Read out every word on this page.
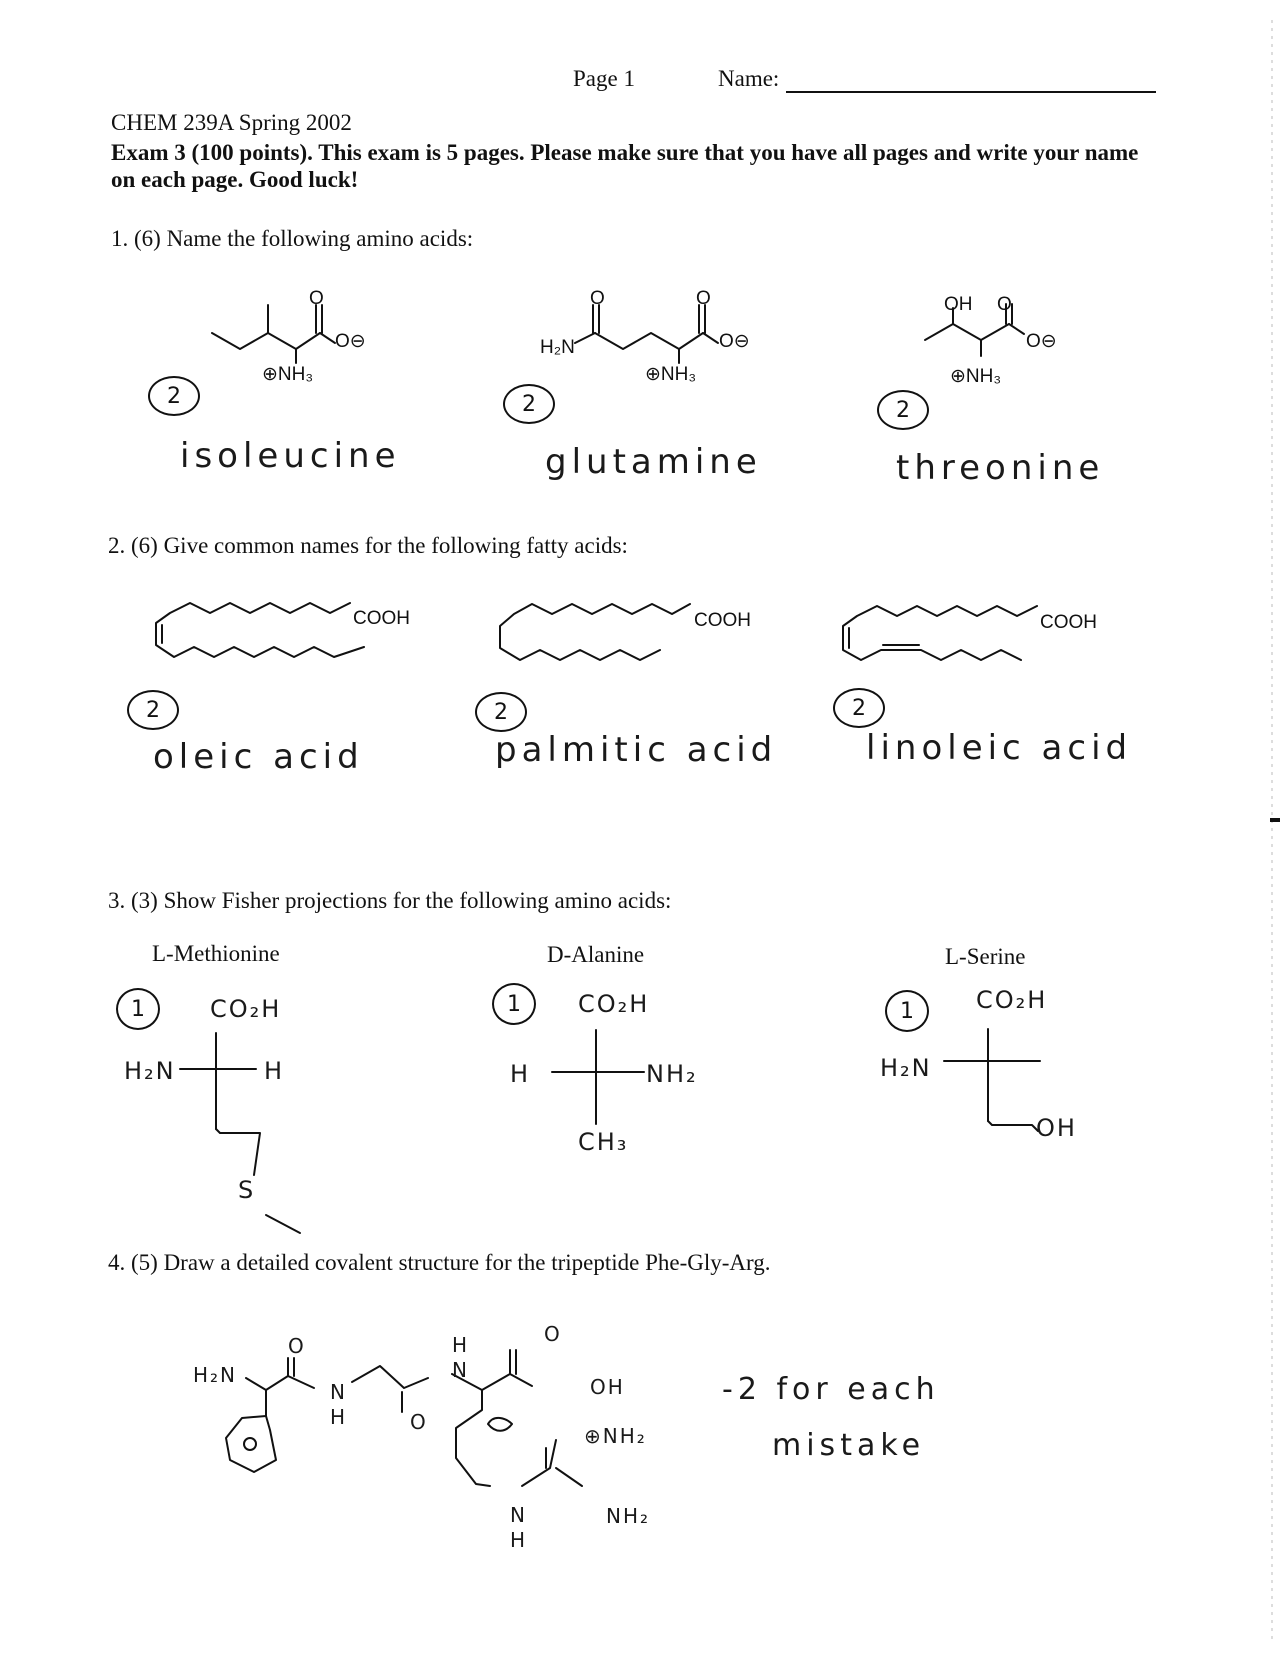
Page 1	Name:
CHEM 239A Spring 2002
Exam 3 (100 points). This exam is 5 pages. Please make sure that you have all pages and write your name on each page. Good luck!
1. (6) Name the following amino acids:
O
O⊖
⊕NH₃
2
isoleucine
O	O
H₂N	O⊖
⊕NH₃
2
glutamine
OH O
O⊖
⊕NH₃
2
threonine
2. (6) Give common names for the following fatty acids:
COOH
2
oleic acid
COOH
2
palmitic acid
COOH
2
linoleic acid
3. (3) Show Fisher projections for the following amino acids:
L-Methionine
1	CO₂H
H₂N	H
S
D-Alanine
1	CO₂H
H	NH₂
CH₃
L-Serine
1	CO₂H
H₂N
OH
4. (5) Draw a detailed covalent structure for the tripeptide Phe-Gly-Arg.
H₂N
O
N
H	O
H
N
O
OH
⊕NH₂
N
H
NH₂
-2 for each
mistake
